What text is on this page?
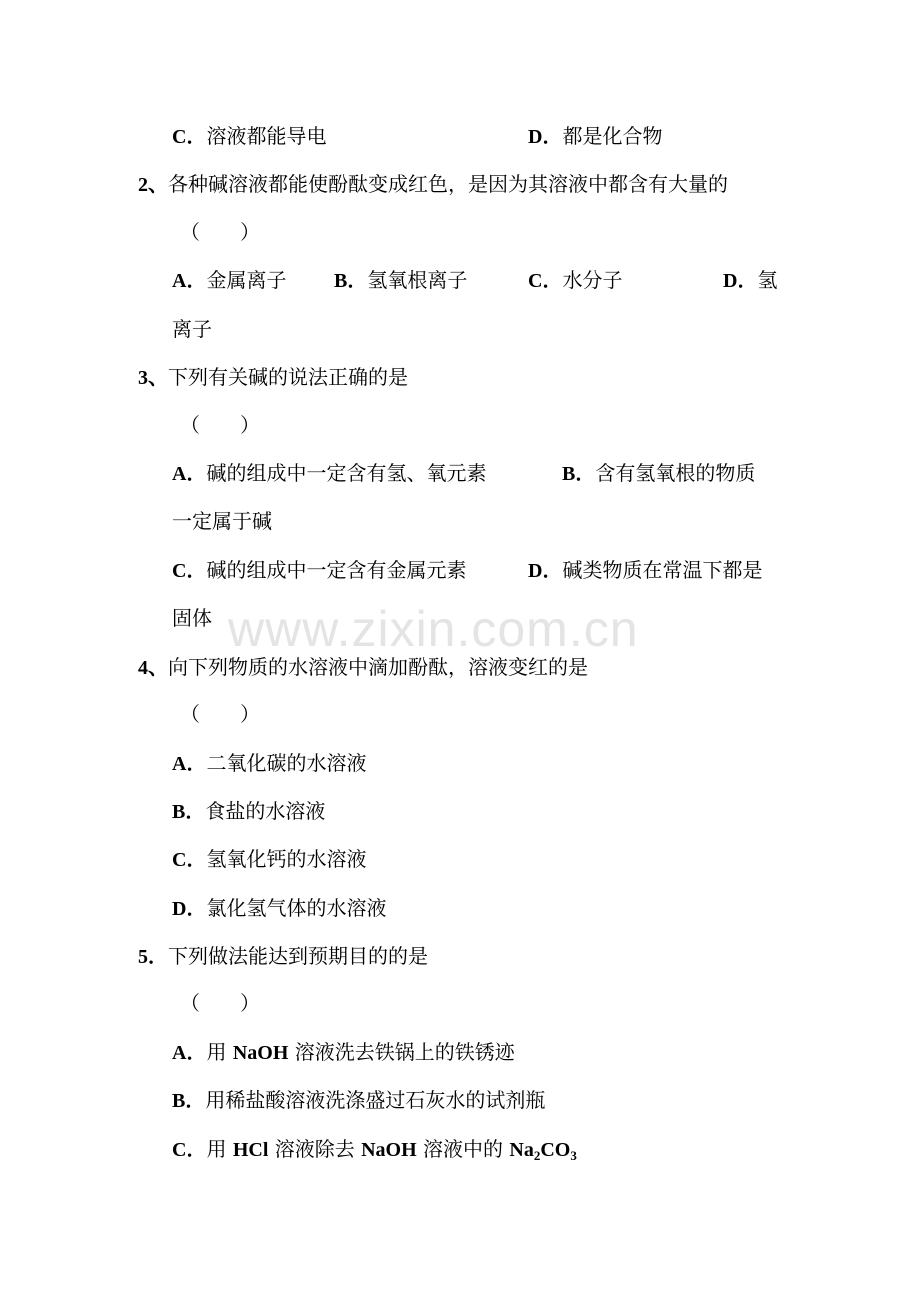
www.zixin.com.cn
C．溶液都能导电	D．都是化合物
2、各种碱溶液都能使酚酞变成红色，是因为其溶液中都含有大量的
（　　）
A．金属离子 B．氢氧根离子	C．水分子	D．氢
离子
3、下列有关碱的说法正确的是
（　　）
A．碱的组成中一定含有氢、氧元素	B．含有氢氧根的物质
一定属于碱
C．碱的组成中一定含有金属元素	D．碱类物质在常温下都是
固体
4、向下列物质的水溶液中滴加酚酞，溶液变红的是
（　　）
A．二氧化碳的水溶液
B．食盐的水溶液
C．氢氧化钙的水溶液
D．氯化氢气体的水溶液
5．下列做法能达到预期目的的是
（　　）
A．用 NaOH 溶液洗去铁锅上的铁锈迹
B．用稀盐酸溶液洗涤盛过石灰水的试剂瓶
C．用 HCl 溶液除去 NaOH 溶液中的 $Na_2CO_3$
